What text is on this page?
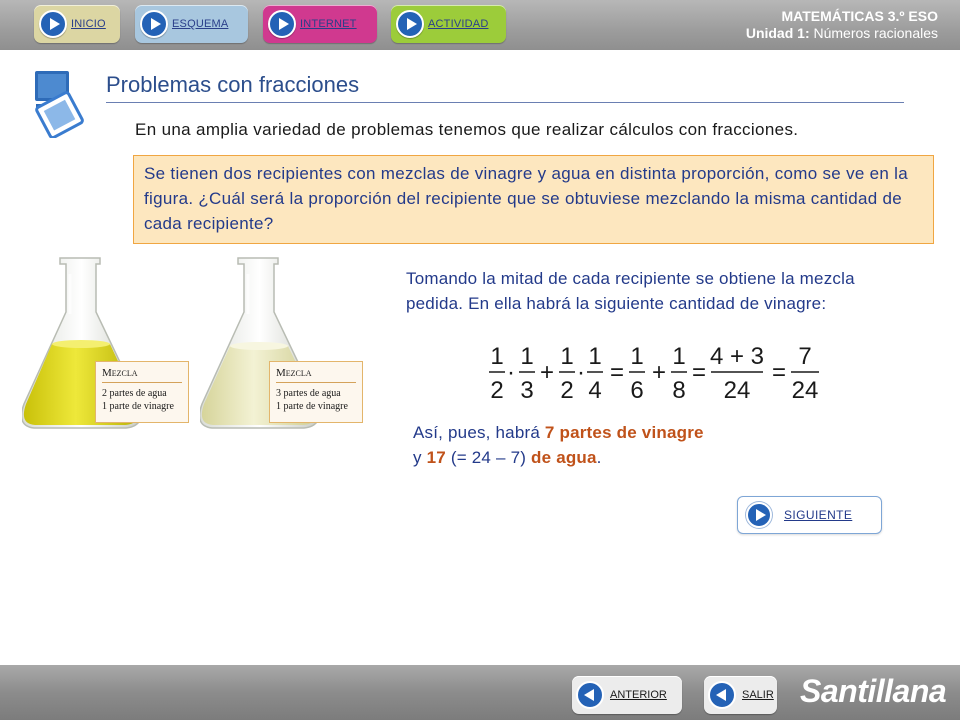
INICIO	ESQUEMA	INTERNET	ACTIVIDAD	MATEMÁTICAS 3.º ESO
Unidad 1: Números racionales
Problemas con fracciones
En una amplia variedad de problemas tenemos que realizar cálculos con fracciones.
Se tienen dos recipientes con mezclas de vinagre y agua en distinta proporción, como se ve en la figura. ¿Cuál será la proporción del recipiente que se obtuviese mezclando la misma cantidad de cada recipiente?
Mezcla
2 partes de agua
1 parte de vinagre
Mezcla
3 partes de agua
1 parte de vinagre
Tomando la mitad de cada recipiente se obtiene la mezcla pedida. En ella habrá la siguiente cantidad de vinagre:
1
2
·
1
3
+
1
2
·
1
4
=
1
6
+
1
8
=
4 + 3
24
=
7
24
Así, pues, habrá 7 partes de vinagre
y 17 (= 24 – 7) de agua.
SIGUIENTE
ANTERIOR	SALIR Santillana
